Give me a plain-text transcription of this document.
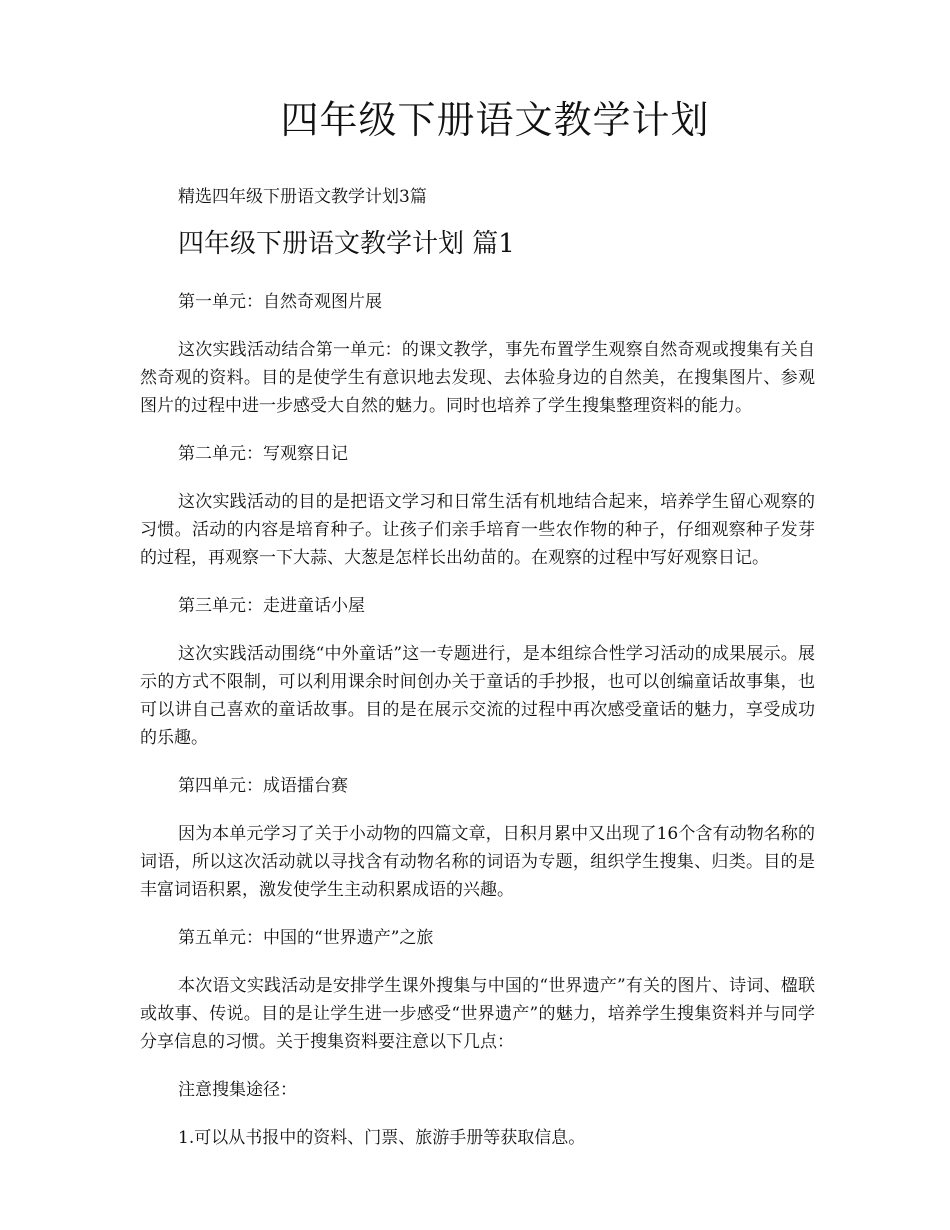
四年级下册语文教学计划
精选四年级下册语文教学计划3篇
四年级下册语文教学计划 篇1

第一单元：自然奇观图片展

这次实践活动结合第一单元：的课文教学，事先布置学生观察自然奇观或搜集有关自然奇观的资料。目的是使学生有意识地去发现、去体验身边的自然美，在搜集图片、参观图片的过程中进一步感受大自然的魅力。同时也培养了学生搜集整理资料的能力。

第二单元：写观察日记

这次实践活动的目的是把语文学习和日常生活有机地结合起来，培养学生留心观察的习惯。活动的内容是培育种子。让孩子们亲手培育一些农作物的种子，仔细观察种子发芽的过程，再观察一下大蒜、大葱是怎样长出幼苗的。在观察的过程中写好观察日记。

第三单元：走进童话小屋

这次实践活动围绕“中外童话”这一专题进行，是本组综合性学习活动的成果展示。展示的方式不限制，可以利用课余时间创办关于童话的手抄报，也可以创编童话故事集，也可以讲自己喜欢的童话故事。目的是在展示交流的过程中再次感受童话的魅力，享受成功的乐趣。

第四单元：成语擂台赛

因为本单元学习了关于小动物的四篇文章，日积月累中又出现了16个含有动物名称的词语，所以这次活动就以寻找含有动物名称的词语为专题，组织学生搜集、归类。目的是丰富词语积累，激发使学生主动积累成语的兴趣。

第五单元：中国的“世界遗产”之旅

本次语文实践活动是安排学生课外搜集与中国的“世界遗产”有关的图片、诗词、楹联或故事、传说。目的是让学生进一步感受“世界遗产”的魅力，培养学生搜集资料并与同学分享信息的习惯。关于搜集资料要注意以下几点：

注意搜集途径：

1.可以从书报中的资料、门票、旅游手册等获取信息。
